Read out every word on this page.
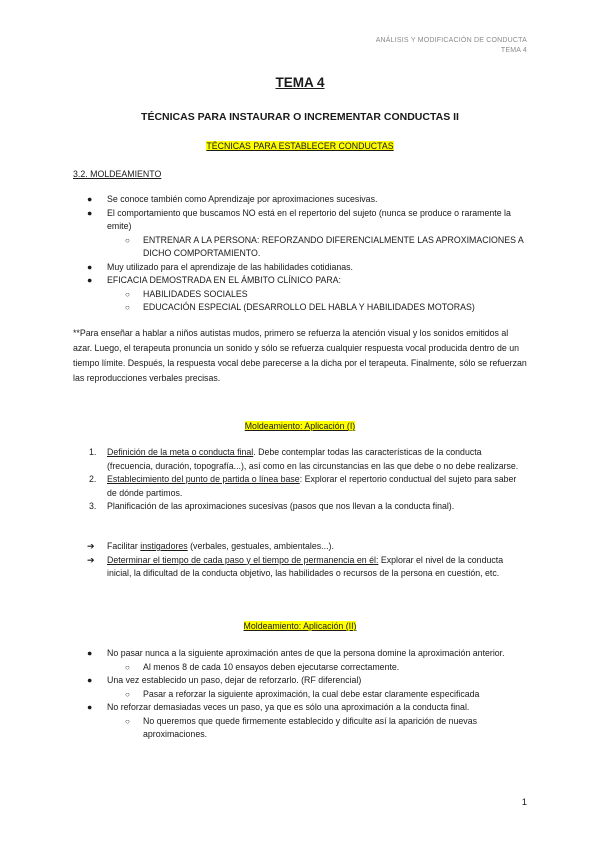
ANÁLISIS Y MODIFICACIÓN DE CONDUCTA
TEMA 4
TEMA 4
TÉCNICAS PARA INSTAURAR O INCREMENTAR CONDUCTAS II
TÉCNICAS PARA ESTABLECER CONDUCTAS
3.2. MOLDEAMIENTO
● Se conoce también como Aprendizaje por aproximaciones sucesivas.
● El comportamiento que buscamos NO está en el repertorio del sujeto (nunca se produce o raramente la emite)
○ ENTRENAR A LA PERSONA: REFORZANDO DIFERENCIALMENTE LAS APROXIMACIONES A DICHO COMPORTAMIENTO.
● Muy utilizado para el aprendizaje de las habilidades cotidianas.
● EFICACIA DEMOSTRADA EN EL ÁMBITO CLÍNICO PARA:
○ HABILIDADES SOCIALES
○ EDUCACIÓN ESPECIAL (DESARROLLO DEL HABLA Y HABILIDADES MOTORAS)
**Para enseñar a hablar a niños autistas mudos, primero se refuerza la atención visual y los sonidos emitidos al azar. Luego, el terapeuta pronuncia un sonido y sólo se refuerza cualquier respuesta vocal producida dentro de un tiempo límite. Después, la respuesta vocal debe parecerse a la dicha por el terapeuta. Finalmente, sólo se refuerzan las reproducciones verbales precisas.
Moldeamiento: Aplicación (I)
1. Definición de la meta o conducta final. Debe contemplar todas las características de la conducta (frecuencia, duración, topografía...), así como en las circunstancias en las que debe o no debe realizarse.
2. Establecimiento del punto de partida o línea base: Explorar el repertorio conductual del sujeto para saber de dónde partimos.
3. Planificación de las aproximaciones sucesivas (pasos que nos llevan a la conducta final).
➔ Facilitar instigadores (verbales, gestuales, ambientales...).
➔ Determinar el tiempo de cada paso y el tiempo de permanencia en él: Explorar el nivel de la conducta inicial, la dificultad de la conducta objetivo, las habilidades o recursos de la persona en cuestión, etc.
Moldeamiento: Aplicación (II)
● No pasar nunca a la siguiente aproximación antes de que la persona domine la aproximación anterior.
○ Al menos 8 de cada 10 ensayos deben ejecutarse correctamente.
● Una vez establecido un paso, dejar de reforzarlo. (RF diferencial)
○ Pasar a reforzar la siguiente aproximación, la cual debe estar claramente especificada
● No reforzar demasiadas veces un paso, ya que es sólo una aproximación a la conducta final.
○ No queremos que quede firmemente establecido y dificulte así la aparición de nuevas aproximaciones.
1
